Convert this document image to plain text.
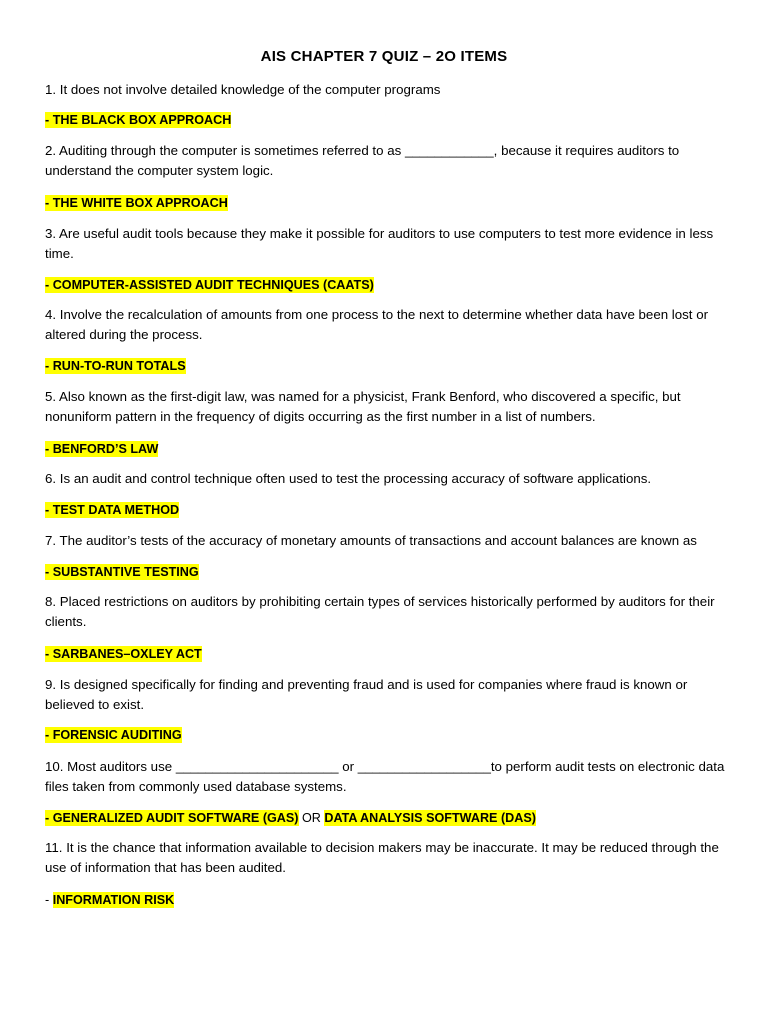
AIS CHAPTER 7 QUIZ – 2O ITEMS
1. It does not involve detailed knowledge of the computer programs
- THE BLACK BOX APPROACH
2. Auditing through the computer is sometimes referred to as ____________, because it requires auditors to understand the computer system logic.
- THE WHITE BOX APPROACH
3. Are useful audit tools because they make it possible for auditors to use computers to test more evidence in less time.
- COMPUTER-ASSISTED AUDIT TECHNIQUES (CAATS)
4. Involve the recalculation of amounts from one process to the next to determine whether data have been lost or altered during the process.
- RUN-TO-RUN TOTALS
5. Also known as the first-digit law, was named for a physicist, Frank Benford, who discovered a specific, but nonuniform pattern in the frequency of digits occurring as the first number in a list of numbers.
- BENFORD’S LAW
6. Is an audit and control technique often used to test the processing accuracy of software applications.
- TEST DATA METHOD
7. The auditor’s tests of the accuracy of monetary amounts of transactions and account balances are known as
- SUBSTANTIVE TESTING
8. Placed restrictions on auditors by prohibiting certain types of services historically performed by auditors for their clients.
- SARBANES–OXLEY ACT
9. Is designed specifically for finding and preventing fraud and is used for companies where fraud is known or believed to exist.
- FORENSIC AUDITING
10. Most auditors use ______________________ or __________________to perform audit tests on electronic data files taken from commonly used database systems.
- GENERALIZED AUDIT SOFTWARE (GAS) OR DATA ANALYSIS SOFTWARE (DAS)
11. It is the chance that information available to decision makers may be inaccurate. It may be reduced through the use of information that has been audited.
- INFORMATION RISK
